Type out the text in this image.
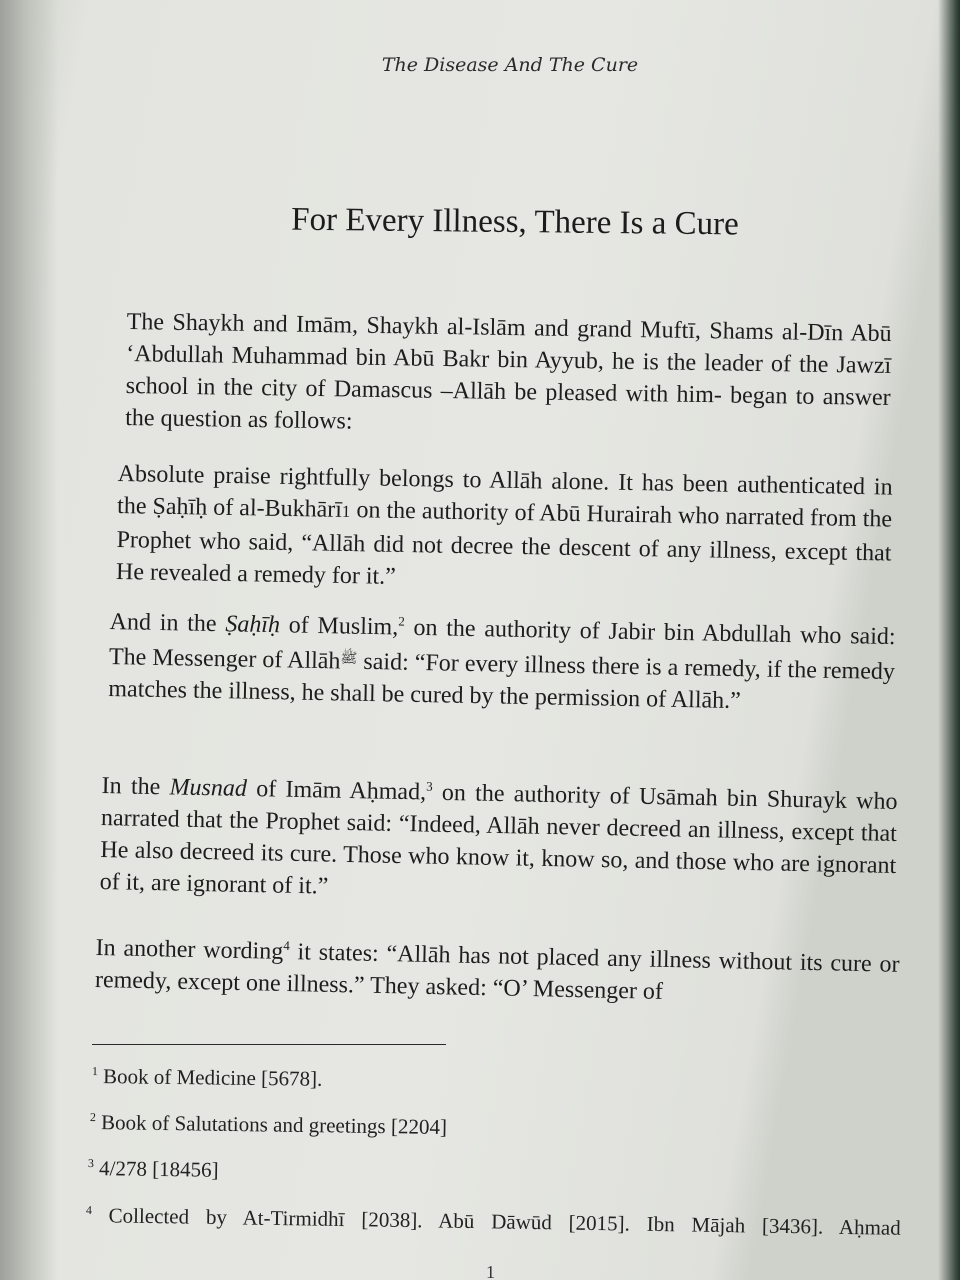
The Disease And The Cure
For Every Illness, There Is a Cure

The Shaykh and Imām, Shaykh al-Islām and grand Muftī, Shams al-Dīn Abū ‘Abdullah Muhammad bin Abū Bakr bin Ayyub, he is the leader of the Jawzī school in the city of Damascus –Allāh be pleased with him- began to answer the question as follows:

Absolute praise rightfully belongs to Allāh alone. It has been authenticated in the Ṣaḥīḥ of al-Bukhārī1 on the authority of Abū Hurairah who narrated from the Prophet who said, “Allāh did not decree the descent of any illness, except that He revealed a remedy for it.”

And in the Ṣaḥīḥ of Muslim,$^2$ on the authority of Jabir bin Abdullah who said: The Messenger of Allāh$^ﷺ$ said: “For every illness there is a remedy, if the remedy matches the illness, he shall be cured by the permission of Allāh.”

In the Musnad of Imām Aḥmad,$^3$ on the authority of Usāmah bin Shurayk who narrated that the Prophet said: “Indeed, Allāh never decreed an illness, except that He also decreed its cure. Those who know it, know so, and those who are ignorant of it, are ignorant of it.”

In another wording$^4$ it states: “Allāh has not placed any illness without its cure or remedy, except one illness.” They asked: “O’ Messenger of

$^1$ Book of Medicine [5678].
$^2$ Book of Salutations and greetings [2204]
$^3$ 4/278 [18456]
$^4$ Collected by At-Tirmidhī [2038]. Abū Dāwūd [2015]. Ibn Mājah [3436]. Aḥmad
1
